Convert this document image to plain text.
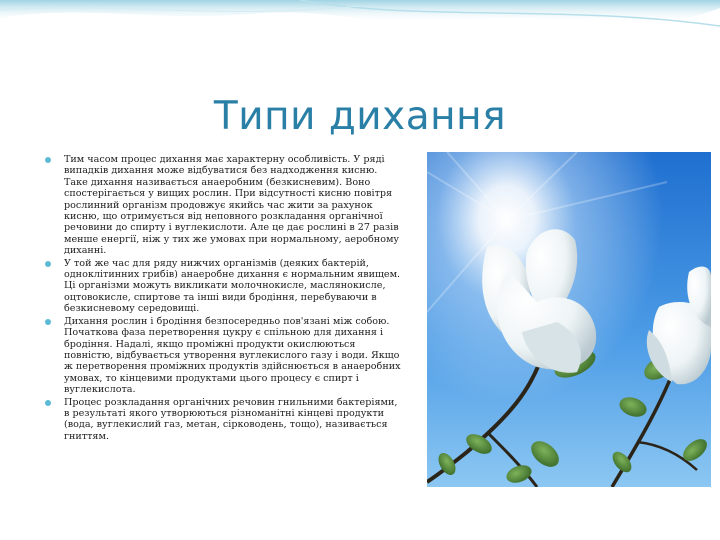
Типи дихання
Тим часом процес дихання має характерну особливість. У ряді випадків дихання може відбуватися без надходження кисню. Таке дихання називається анаеробним (безкисневим). Воно спостерігається у вищих рослин. При відсутності кисню повітря рослинний організм продовжує якийсь час жити за рахунок кисню, що отримується від неповного розкладання органічної речовини до спирту і вуглекислоти. Але це дає рослині в 27 разів менше енергії, ніж у тих же умовах при нормальному, аеробному диханні.
У той же час для ряду нижчих організмів (деяких бактерій, одноклітинних грибів) анаеробне дихання є нормальним явищем. Ці організми можуть викликати молочнокисле, маслянокисле, оцтовокисле, спиртове та інші види бродіння, перебуваючи в безкисневому середовищі.
Дихання рослин і бродіння безпосередньо пов'язані між собою. Початкова фаза перетворення цукру є спільною для дихання і бродіння. Надалі, якщо проміжні продукти окислюються повністю, відбувається утворення вуглекислого газу і води. Якщо ж перетворення проміжних продуктів здійснюється в анаеробних умовах, то кінцевими продуктами цього процесу є спирт і вуглекислота.
Процес розкладання органічних речовин гнильними бактеріями, в результаті якого утворюються різноманітні кінцеві продукти (вода, вуглекислий газ, метан, сірководень, тощо), називається гниттям.
